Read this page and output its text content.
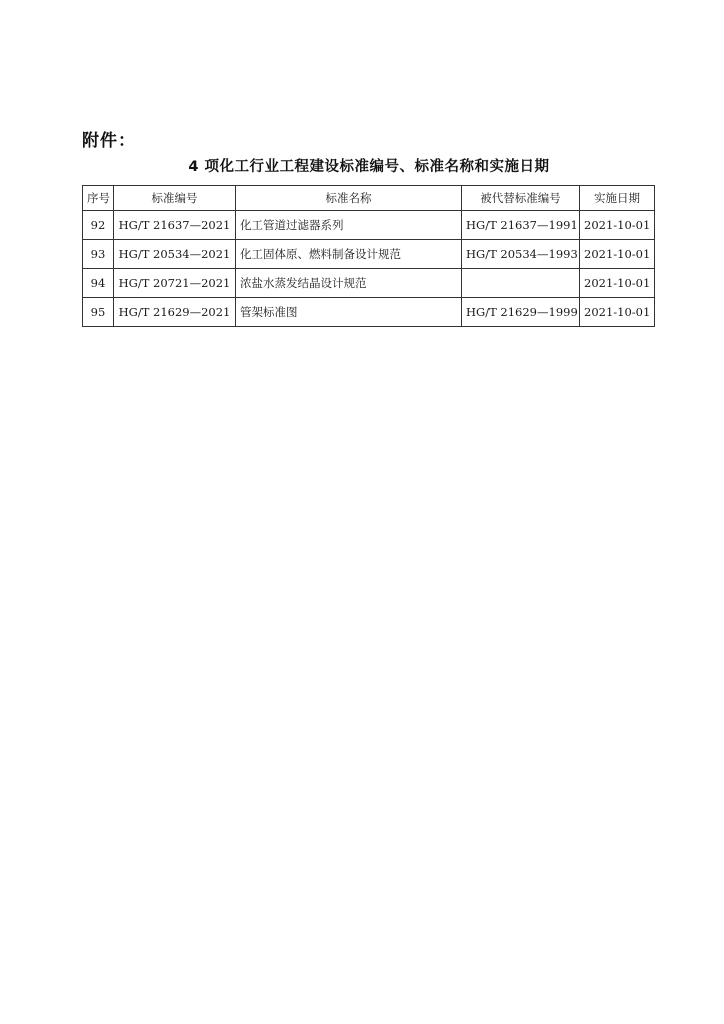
附件：
4 项化工行业工程建设标准编号、标准名称和实施日期
序号	标准编号	标准名称	被代替标准编号	实施日期
92	HG/T 21637—2021	化工管道过滤器系列	HG/T 21637—1991	2021-10-01
93	HG/T 20534—2021	化工固体原、燃料制备设计规范	HG/T 20534—1993	2021-10-01
94	HG/T 20721—2021	浓盐水蒸发结晶设计规范		2021-10-01
95	HG/T 21629—2021	管架标准图	HG/T 21629—1999	2021-10-01
